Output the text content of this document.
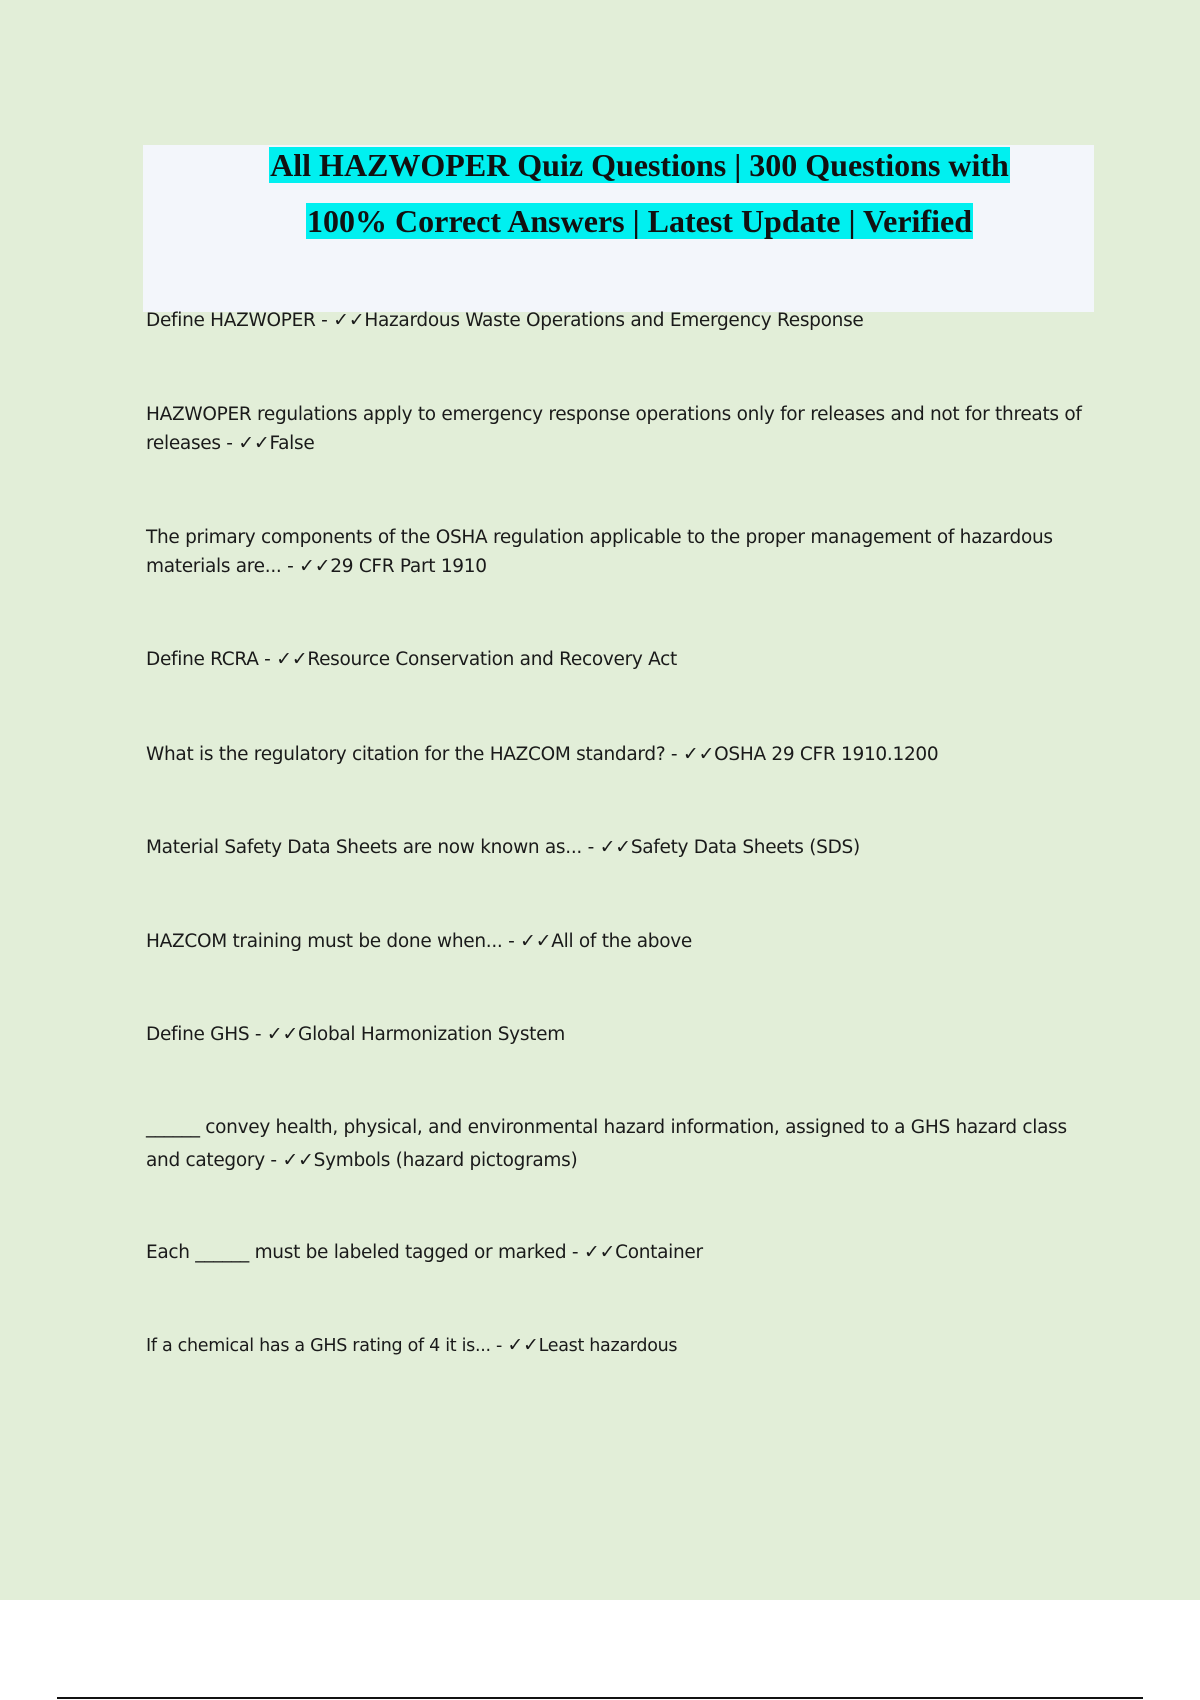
All HAZWOPER Quiz Questions | 300 Questions with
100% Correct Answers | Latest Update | Verified
Define HAZWOPER - ✓✓Hazardous Waste Operations and Emergency Response
HAZWOPER regulations apply to emergency response operations only for releases and not for threats of releases - ✓✓False
The primary components of the OSHA regulation applicable to the proper management of hazardous materials are... - ✓✓29 CFR Part 1910
Define RCRA - ✓✓Resource Conservation and Recovery Act
What is the regulatory citation for the HAZCOM standard? - ✓✓OSHA 29 CFR 1910.1200
Material Safety Data Sheets are now known as... - ✓✓Safety Data Sheets (SDS)
HAZCOM training must be done when... - ✓✓All of the above
Define GHS - ✓✓Global Harmonization System
______ convey health, physical, and environmental hazard information, assigned to a GHS hazard class and category - ✓✓Symbols (hazard pictograms)
Each ______ must be labeled tagged or marked - ✓✓Container
If a chemical has a GHS rating of 4 it is... - ✓✓Least hazardous
